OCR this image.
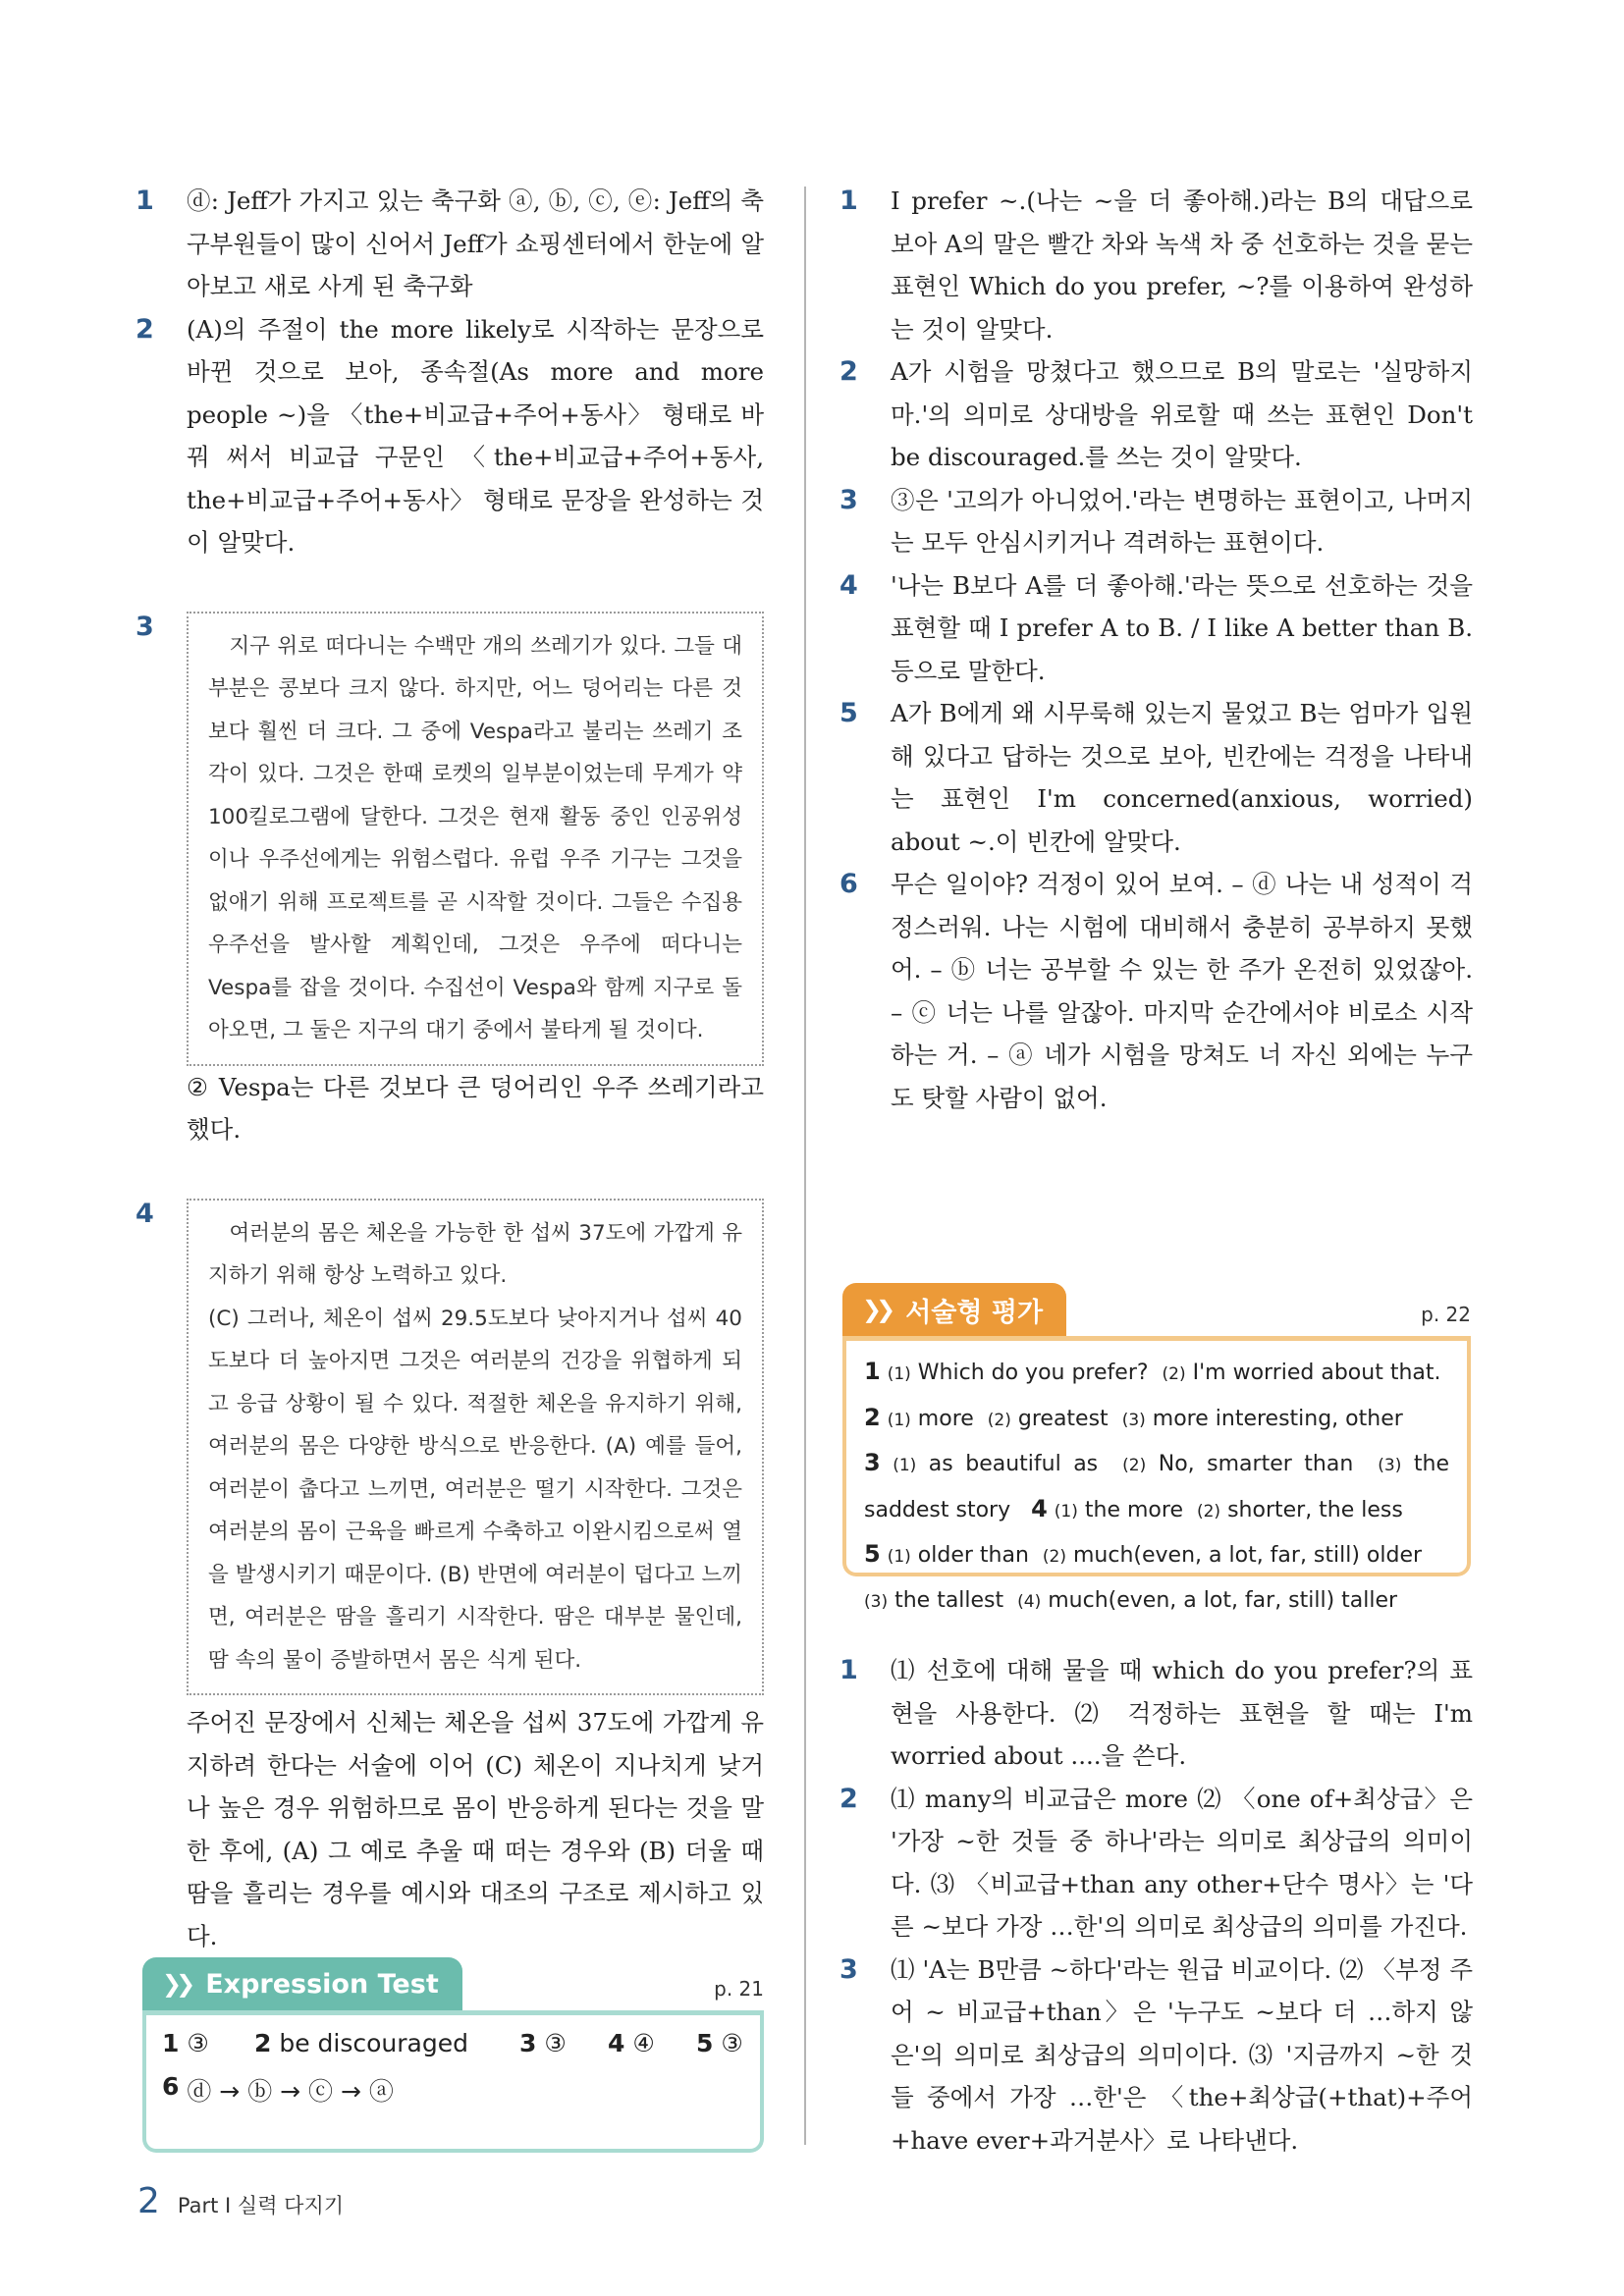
1 ⓓ: Jeff가 가지고 있는 축구화 ⓐ, ⓑ, ⓒ, ⓔ: Jeff의 축구부원들이 많이 신어서 Jeff가 쇼핑센터에서 한눈에 알아보고 새로 사게 된 축구화
2 (A)의 주절이 the more likely로 시작하는 문장으로 바뀐 것으로 보아, 종속절(As more and more people ~)을 〈the+비교급+주어+동사〉 형태로 바꿔 써서 비교급 구문인 〈the+비교급+주어+동사, the+비교급+주어+동사〉 형태로 문장을 완성하는 것이 알맞다.
3

지구 위로 떠다니는 수백만 개의 쓰레기가 있다. 그들 대부분은 콩보다 크지 않다. 하지만, 어느 덩어리는 다른 것보다 훨씬 더 크다. 그 중에 Vespa라고 불리는 쓰레기 조각이 있다. 그것은 한때 로켓의 일부분이었는데 무게가 약 100킬로그램에 달한다. 그것은 현재 활동 중인 인공위성이나 우주선에게는 위험스럽다. 유럽 우주 기구는 그것을 없애기 위해 프로젝트를 곧 시작할 것이다. 그들은 수집용 우주선을 발사할 계획인데, 그것은 우주에 떠다니는 Vespa를 잡을 것이다. 수집선이 Vespa와 함께 지구로 돌아오면, 그 둘은 지구의 대기 중에서 불타게 될 것이다.

② Vespa는 다른 것보다 큰 덩어리인 우주 쓰레기라고 했다.
4

여러분의 몸은 체온을 가능한 한 섭씨 37도에 가깝게 유지하기 위해 항상 노력하고 있다.

(C) 그러나, 체온이 섭씨 29.5도보다 낮아지거나 섭씨 40도보다 더 높아지면 그것은 여러분의 건강을 위협하게 되고 응급 상황이 될 수 있다. 적절한 체온을 유지하기 위해, 여러분의 몸은 다양한 방식으로 반응한다. (A) 예를 들어, 여러분이 춥다고 느끼면, 여러분은 떨기 시작한다. 그것은 여러분의 몸이 근육을 빠르게 수축하고 이완시킴으로써 열을 발생시키기 때문이다. (B) 반면에 여러분이 덥다고 느끼면, 여러분은 땀을 흘리기 시작한다. 땀은 대부분 물인데, 땀 속의 물이 증발하면서 몸은 식게 된다.

주어진 문장에서 신체는 체온을 섭씨 37도에 가깝게 유지하려 한다는 서술에 이어 (C) 체온이 지나치게 낮거나 높은 경우 위험하므로 몸이 반응하게 된다는 것을 말한 후에, (A) 그 예로 추울 때 떠는 경우와 (B) 더울 때 땀을 흘리는 경우를 예시와 대조의 구조로 제시하고 있다.
❯❯ Expression Test	p. 21
1
③ 2
be discouraged 3
③ 4
④ 5
③
6
ⓓ → ⓑ → ⓒ → ⓐ
1 I prefer ~.(나는 ~을 더 좋아해.)라는 B의 대답으로 보아 A의 말은 빨간 차와 녹색 차 중 선호하는 것을 묻는 표현인 Which do you prefer, ~?를 이용하여 완성하는 것이 알맞다.
2 A가 시험을 망쳤다고 했으므로 B의 말로는 '실망하지 마.'의 의미로 상대방을 위로할 때 쓰는 표현인 Don't be discouraged.를 쓰는 것이 알맞다.
3 ③은 '고의가 아니었어.'라는 변명하는 표현이고, 나머지는 모두 안심시키거나 격려하는 표현이다.
4 '나는 B보다 A를 더 좋아해.'라는 뜻으로 선호하는 것을 표현할 때 I prefer A to B. / I like A better than B. 등으로 말한다.
5 A가 B에게 왜 시무룩해 있는지 물었고 B는 엄마가 입원해 있다고 답하는 것으로 보아, 빈칸에는 걱정을 나타내는 표현인 I'm concerned(anxious, worried) about ~.이 빈칸에 알맞다.
6 무슨 일이야? 걱정이 있어 보여. – ⓓ 나는 내 성적이 걱정스러워. 나는 시험에 대비해서 충분히 공부하지 못했어. – ⓑ 너는 공부할 수 있는 한 주가 온전히 있었잖아. – ⓒ 너는 나를 알잖아. 마지막 순간에서야 비로소 시작하는 거. – ⓐ 네가 시험을 망쳐도 너 자신 외에는 누구도 탓할 사람이 없어.
❯❯ 서술형 평가	p. 22
1 (1) Which do you prefer? (2) I'm worried about that.
2 (1) more (2) greatest (3) more interesting, other
3 (1) as beautiful as (2) No, smarter than (3) the saddest story 4 (1) the more (2) shorter, the less
5 (1) older than (2) much(even, a lot, far, still) older
(3) the tallest (4) much(even, a lot, far, still) taller
1 ⑴ 선호에 대해 물을 때 which do you prefer?의 표현을 사용한다. ⑵ 걱정하는 표현을 할 때는 I'm worried about ....을 쓴다.
2 ⑴ many의 비교급은 more ⑵ 〈one of+최상급〉은 '가장 ~한 것들 중 하나'라는 의미로 최상급의 의미이다. ⑶ 〈비교급+than any other+단수 명사〉는 '다른 ~보다 가장 …한'의 의미로 최상급의 의미를 가진다.
3 ⑴ 'A는 B만큼 ~하다'라는 원급 비교이다. ⑵ 〈부정 주어 ~ 비교급+than〉은 '누구도 ~보다 더 …하지 않은'의 의미로 최상급의 의미이다. ⑶ '지금까지 ~한 것들 중에서 가장 …한'은 〈the+최상급(+that)+주어+have ever+과거분사〉로 나타낸다.
2 Part I 실력 다지기
